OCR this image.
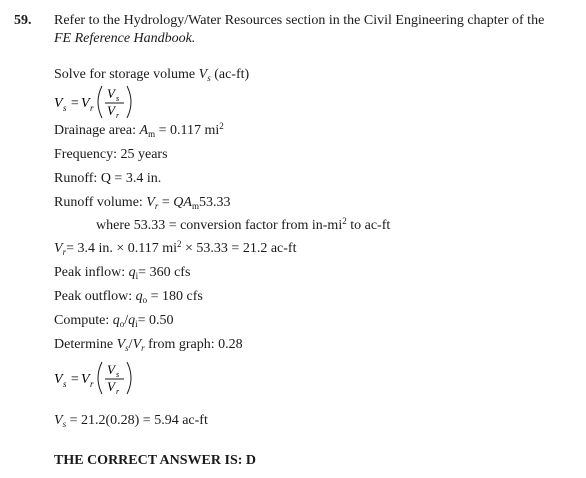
59. Refer to the Hydrology/Water Resources section in the Civil Engineering chapter of the
FE Reference Handbook.
Solve for storage volume $V_s$ (ac-ft)
V s = V r
V s
V r
Drainage area: $A_m = 0.117$ $mi^2$
Frequency: 25 years
Runoff: Q = 3.4 in.
Runoff volume: $V_r = QA_m53.33$
where 53.33 = conversion factor from $in-mi^2$ to ac-ft
$V_r= 3.4$ in. × 0.117 $mi^2 \times 53.33 = 21.2$ ac-ft
Peak inflow: $q_i= 360$ cfs
Peak outflow: $q_o = 180$ cfs
Compute: $q_o/q_i= 0.50$
Determine $V_s/V_r$ from graph: 0.28
V s = V r
V s
V r
$V_s = 21.2(0.28) = 5.94$ ac-ft
THE CORRECT ANSWER IS: D
